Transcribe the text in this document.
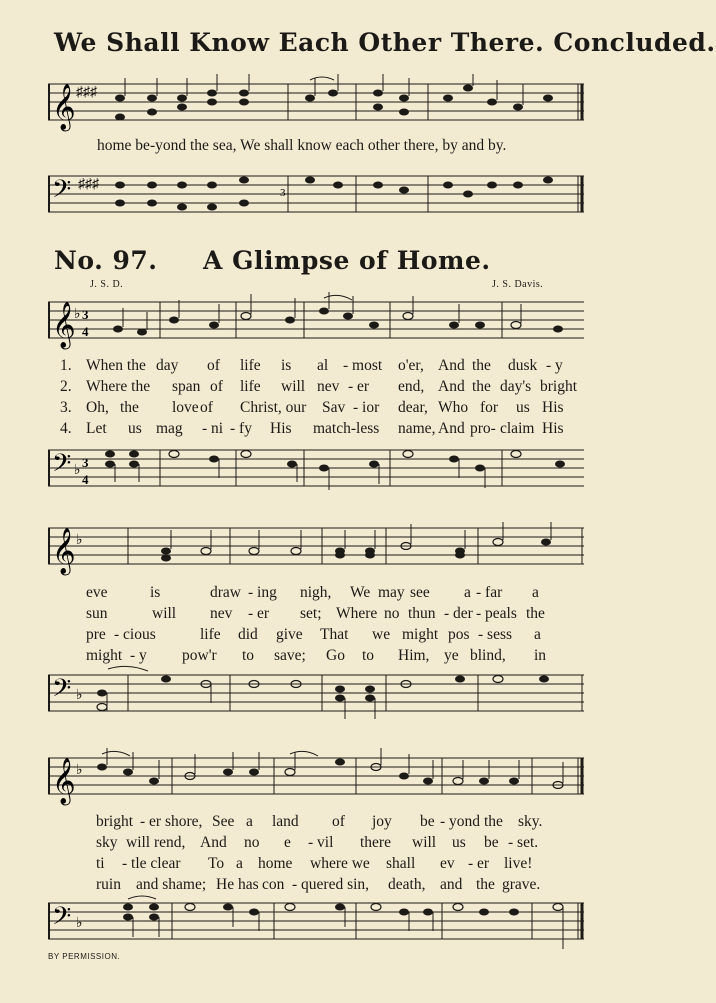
We Shall Know Each Other There. Concluded.
𝄞 ♯♯♯
home be-yond the sea, We shall know each other there, by and by.
𝄢 ♯♯♯
3
No. 97. A Glimpse of Home.
J. S. D.	J. S. Davis.
𝄞
♭ 3
4
1. When the day of life is al - most o'er, And the dusk - y
2. Where the span of life will nev - er end, And the day's bright
3. Oh, the love of Christ, our Sav - ior dear, Who for us His
4. Let us mag - ni - fy His match-less name, And pro- claim His
𝄢 ♭
3
4
𝄞 ♭
eve	is	draw - ing nigh, We may see a - far a
sun	will nev - er set; Where no thun - der - peals the
pre - cious	life did give That we might pos - sess a
might - y pow'r to save; Go to Him, ye blind, in
𝄢 ♭
𝄞 ♭
bright - er shore, See a land of joy be - yond the sky.
sky will rend, And no e - vil there will us be - set.
ti - tle clear To a home where we shall ev - er live!
ruin and shame; He has con - quered sin, death, and the grave.
𝄢 ♭
BY PERMISSION.
